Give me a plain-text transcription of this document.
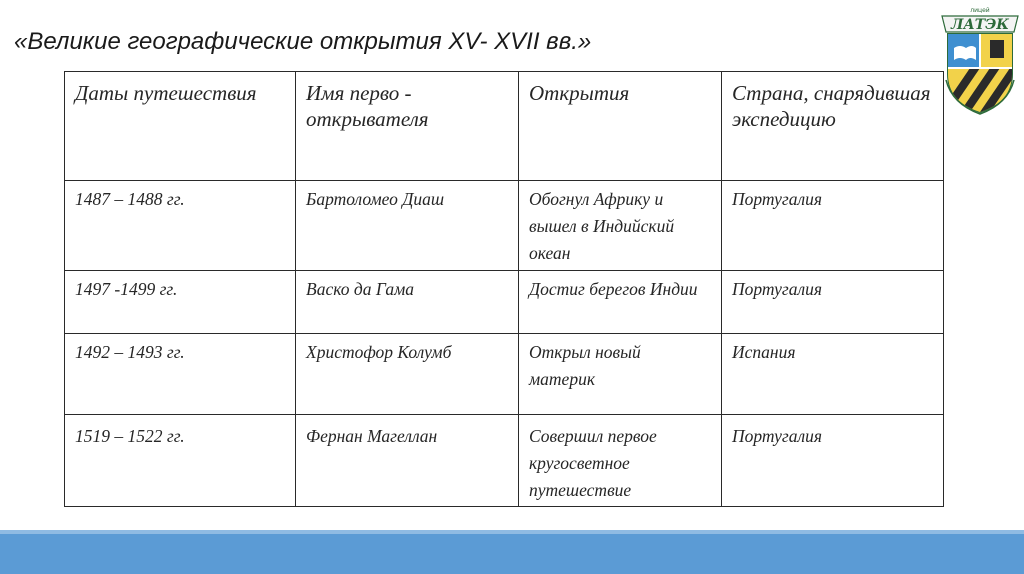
«Великие географические открытия XV- XVII вв.»
лицей
ЛАТЭК
Даты путешествия	Имя перво - открывателя	Открытия	Страна, снарядившая экспедицию
1487 – 1488 гг.	Бартоломео Диаш	Обогнул Африку и вышел в Индийский океан	Португалия
1497 -1499 гг.	Васко да Гама	Достиг берегов Индии	Португалия
1492 – 1493 гг.	Христофор Колумб	Открыл новый материк	Испания
1519 – 1522 гг.	Фернан Магеллан	Совершил первое кругосветное путешествие	Португалия
